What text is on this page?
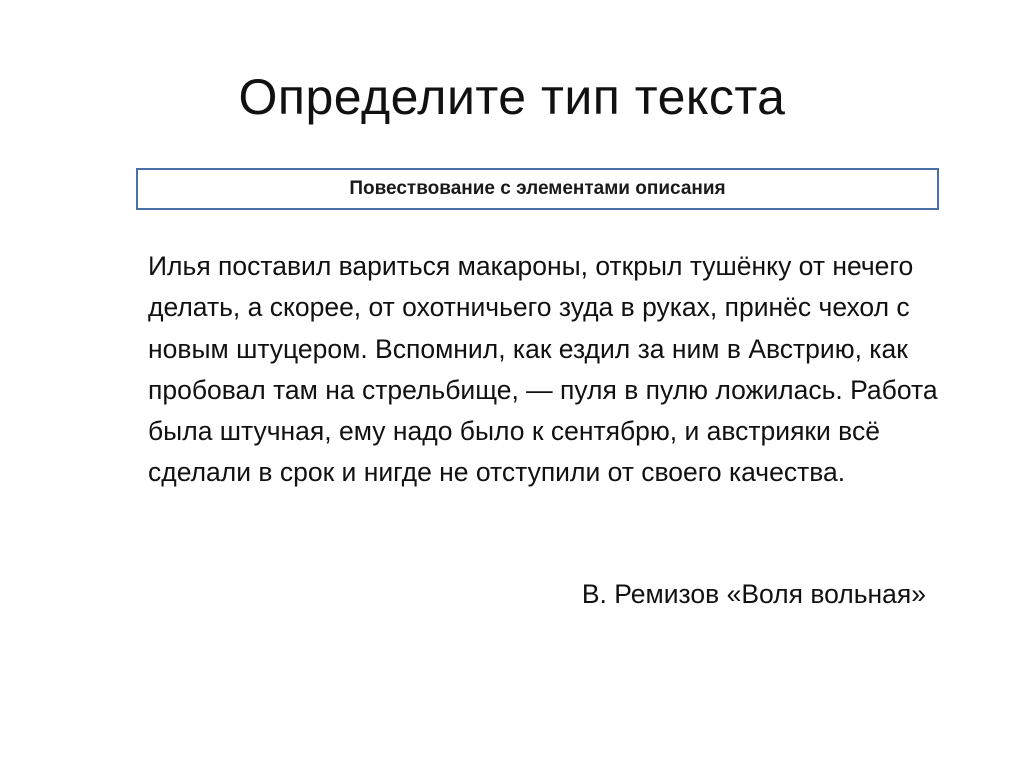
Определите тип текста
Повествование с элементами описания

Илья поставил вариться макароны, открыл тушёнку от нечего делать, а скорее, от охотничьего зуда в руках, принёс чехол с новым штуцером. Вспомнил, как ездил за ним в Австрию, как пробовал там на стрельбище, — пуля в пулю ложилась. Работа была штучная, ему надо было к сентябрю, и австрияки всё сделали в срок и нигде не отступили от своего качества.

В. Ремизов «Воля вольная»
